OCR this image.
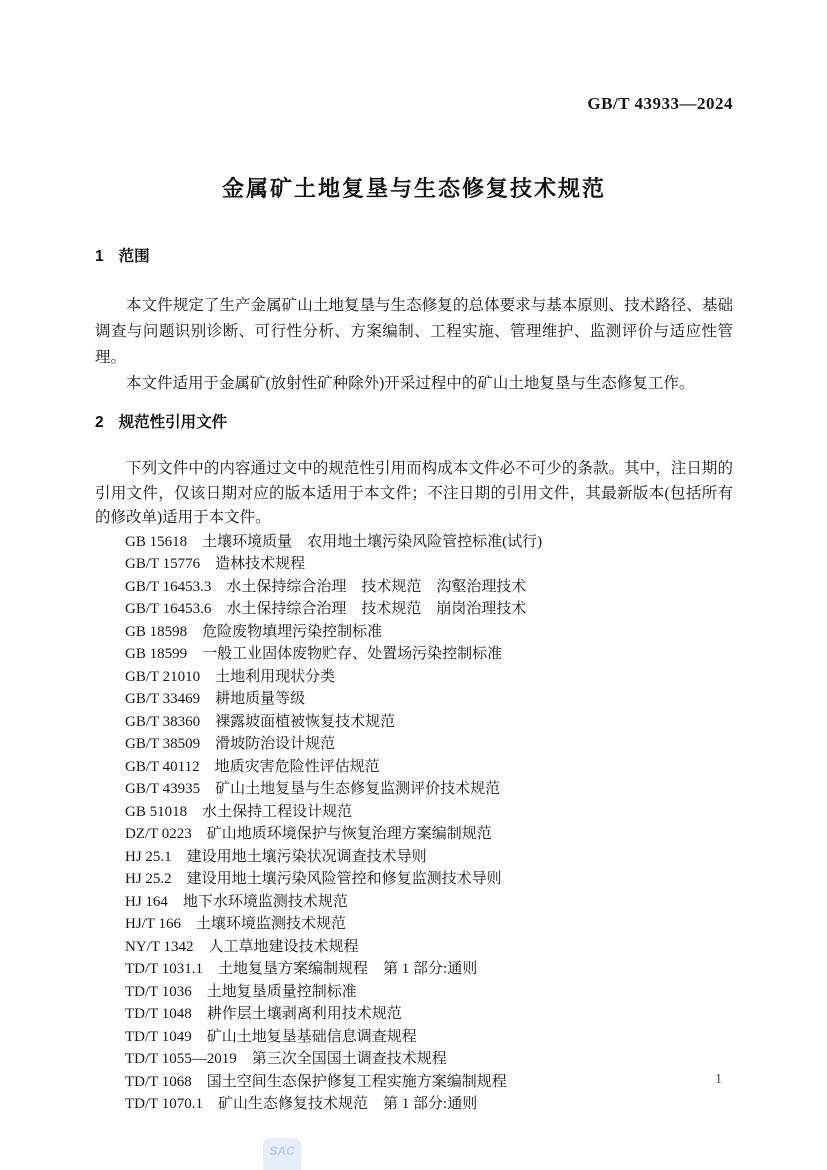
GB/T 43933—2024
金属矿土地复垦与生态修复技术规范
1 范围

本文件规定了生产金属矿山土地复垦与生态修复的总体要求与基本原则、技术路径、基础调查与问题识别诊断、可行性分析、方案编制、工程实施、管理维护、监测评价与适应性管理。

本文件适用于金属矿(放射性矿种除外)开采过程中的矿山土地复垦与生态修复工作。

2 规范性引用文件

下列文件中的内容通过文中的规范性引用而构成本文件必不可少的条款。其中，注日期的引用文件，仅该日期对应的版本适用于本文件；不注日期的引用文件，其最新版本(包括所有的修改单)适用于本文件。

GB 15618　土壤环境质量　农用地土壤污染风险管控标准(试行)
GB/T 15776　造林技术规程
GB/T 16453.3　水土保持综合治理　技术规范　沟壑治理技术
GB/T 16453.6　水土保持综合治理　技术规范　崩岗治理技术
GB 18598　危险废物填埋污染控制标准
GB 18599　一般工业固体废物贮存、处置场污染控制标准
GB/T 21010　土地利用现状分类
GB/T 33469　耕地质量等级
GB/T 38360　裸露坡面植被恢复技术规范
GB/T 38509　滑坡防治设计规范
GB/T 40112　地质灾害危险性评估规范
GB/T 43935　矿山土地复垦与生态修复监测评价技术规范
GB 51018　水土保持工程设计规范
DZ/T 0223　矿山地质环境保护与恢复治理方案编制规范
HJ 25.1　建设用地土壤污染状况调查技术导则
HJ 25.2　建设用地土壤污染风险管控和修复监测技术导则
HJ 164　地下水环境监测技术规范
HJ/T 166　土壤环境监测技术规范
NY/T 1342　人工草地建设技术规程
TD/T 1031.1　土地复垦方案编制规程　第 1 部分:通则
TD/T 1036　土地复垦质量控制标准
TD/T 1048　耕作层土壤剥离利用技术规范
TD/T 1049　矿山土地复垦基础信息调查规程
TD/T 1055—2019　第三次全国国土调查技术规程
TD/T 1068　国土空间生态保护修复工程实施方案编制规程
TD/T 1070.1　矿山生态修复技术规范　第 1 部分:通则
1
SAC
